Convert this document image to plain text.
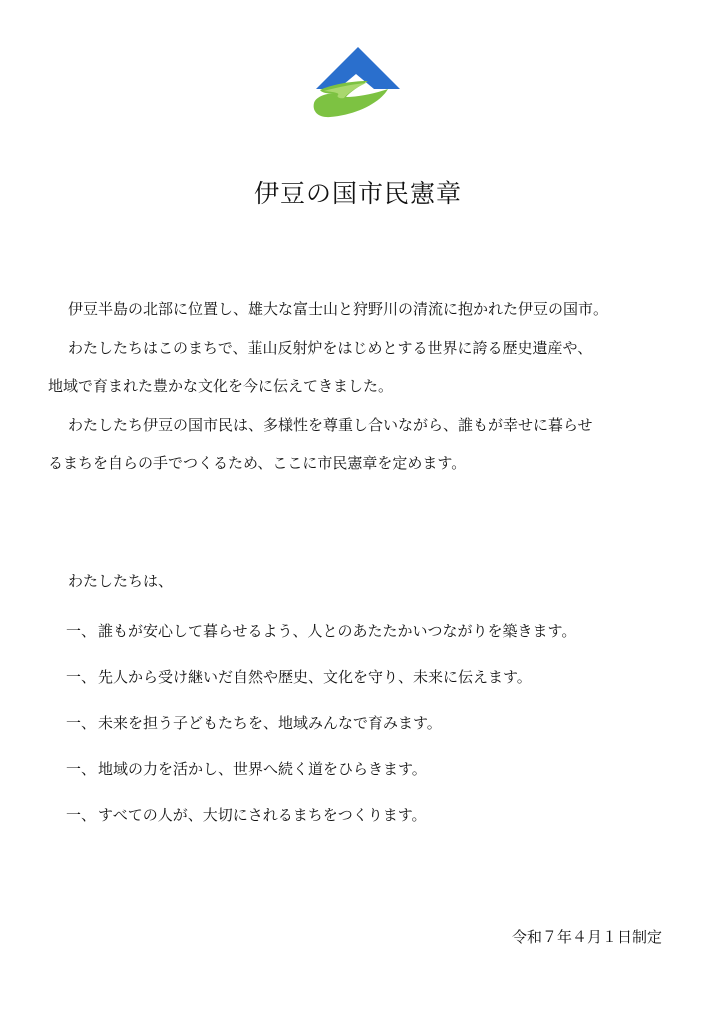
伊豆の国市民憲章
伊豆半島の北部に位置し、雄大な富士山と狩野川の清流に抱かれた伊豆の国市。
わたしたちはこのまちで、韮山反射炉をはじめとする世界に誇る歴史遺産や、
地域で育まれた豊かな文化を今に伝えてきました。
わたしたち伊豆の国市民は、多様性を尊重し合いながら、誰もが幸せに暮らせ
るまちを自らの手でつくるため、ここに市民憲章を定めます。
わたしたちは、
一、 誰もが安心して暮らせるよう、人とのあたたかいつながりを築きます。
一、 先人から受け継いだ自然や歴史、文化を守り、未来に伝えます。
一、 未来を担う子どもたちを、地域みんなで育みます。
一、 地域の力を活かし、世界へ続く道をひらきます。
一、 すべての人が、大切にされるまちをつくります。
令和７年４月１日制定
